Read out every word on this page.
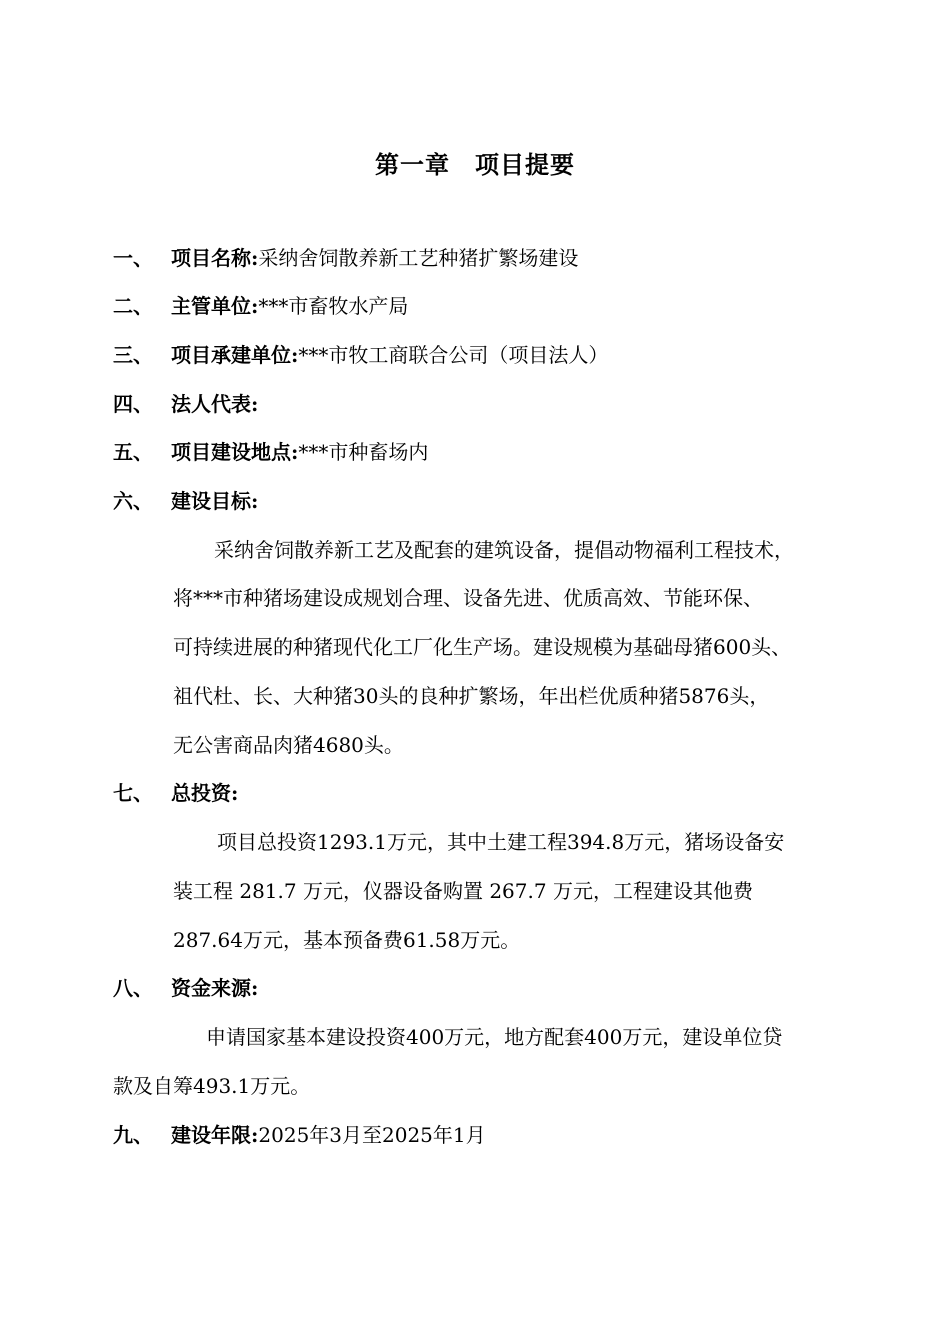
第一章　项目提要
一、 项目名称:采纳舍饲散养新工艺种猪扩繁场建设
二、 主管单位:***市畜牧水产局
三、 项目承建单位:***市牧工商联合公司（项目法人）
四、 法人代表:
五、 项目建设地点:***市种畜场内
六、 建设目标:
采纳舍饲散养新工艺及配套的建筑设备，提倡动物福利工程技术，
将***市种猪场建设成规划合理、设备先进、优质高效、节能环保、
可持续进展的种猪现代化工厂化生产场。建设规模为基础母猪600头、
祖代杜、长、大种猪30头的良种扩繁场，年出栏优质种猪5876头，
无公害商品肉猪4680头。
七、 总投资:
项目总投资1293.1万元，其中土建工程394.8万元，猪场设备安
装工程 281.7 万元，仪器设备购置 267.7 万元，工程建设其他费
287.64万元，基本预备费61.58万元。
八、 资金来源:
申请国家基本建设投资400万元，地方配套400万元，建设单位贷
款及自筹493.1万元。
九、 建设年限:2025年3月至2025年1月
